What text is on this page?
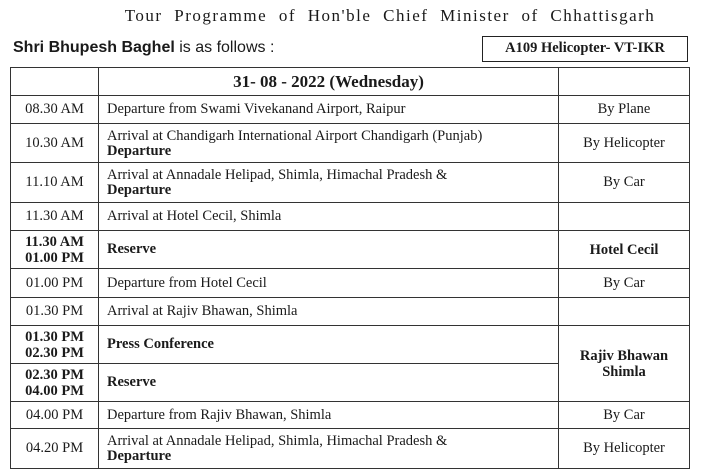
Tour Programme of Hon'ble Chief Minister of Chhattisgarh
Shri Bhupesh Baghel is as follows :	A109 Helicopter- VT-IKR
	31- 08 - 2022 (Wednesday)	
08.30 AM	Departure from Swami Vivekanand Airport, Raipur	By Plane
10.30 AM	Arrival at Chandigarh International Airport Chandigarh (Punjab)
Departure	By Helicopter
11.10 AM	Arrival at Annadale Helipad, Shimla, Himachal Pradesh &
Departure	By Car
11.30 AM	Arrival at Hotel Cecil, Shimla	

11.30 AM
01.00 PM	Reserve	Hotel Cecil
01.00 PM	Departure from Hotel Cecil	By Car
01.30 PM	Arrival at Rajiv Bhawan, Shimla	

01.30 PM
02.30 PM	Press Conference	Rajiv Bhawan
Shimla

02.30 PM
04.00 PM	Reserve	
04.00 PM	Departure from Rajiv Bhawan, Shimla	By Car
04.20 PM	Arrival at Annadale Helipad, Shimla, Himachal Pradesh &
Departure	By Helicopter
